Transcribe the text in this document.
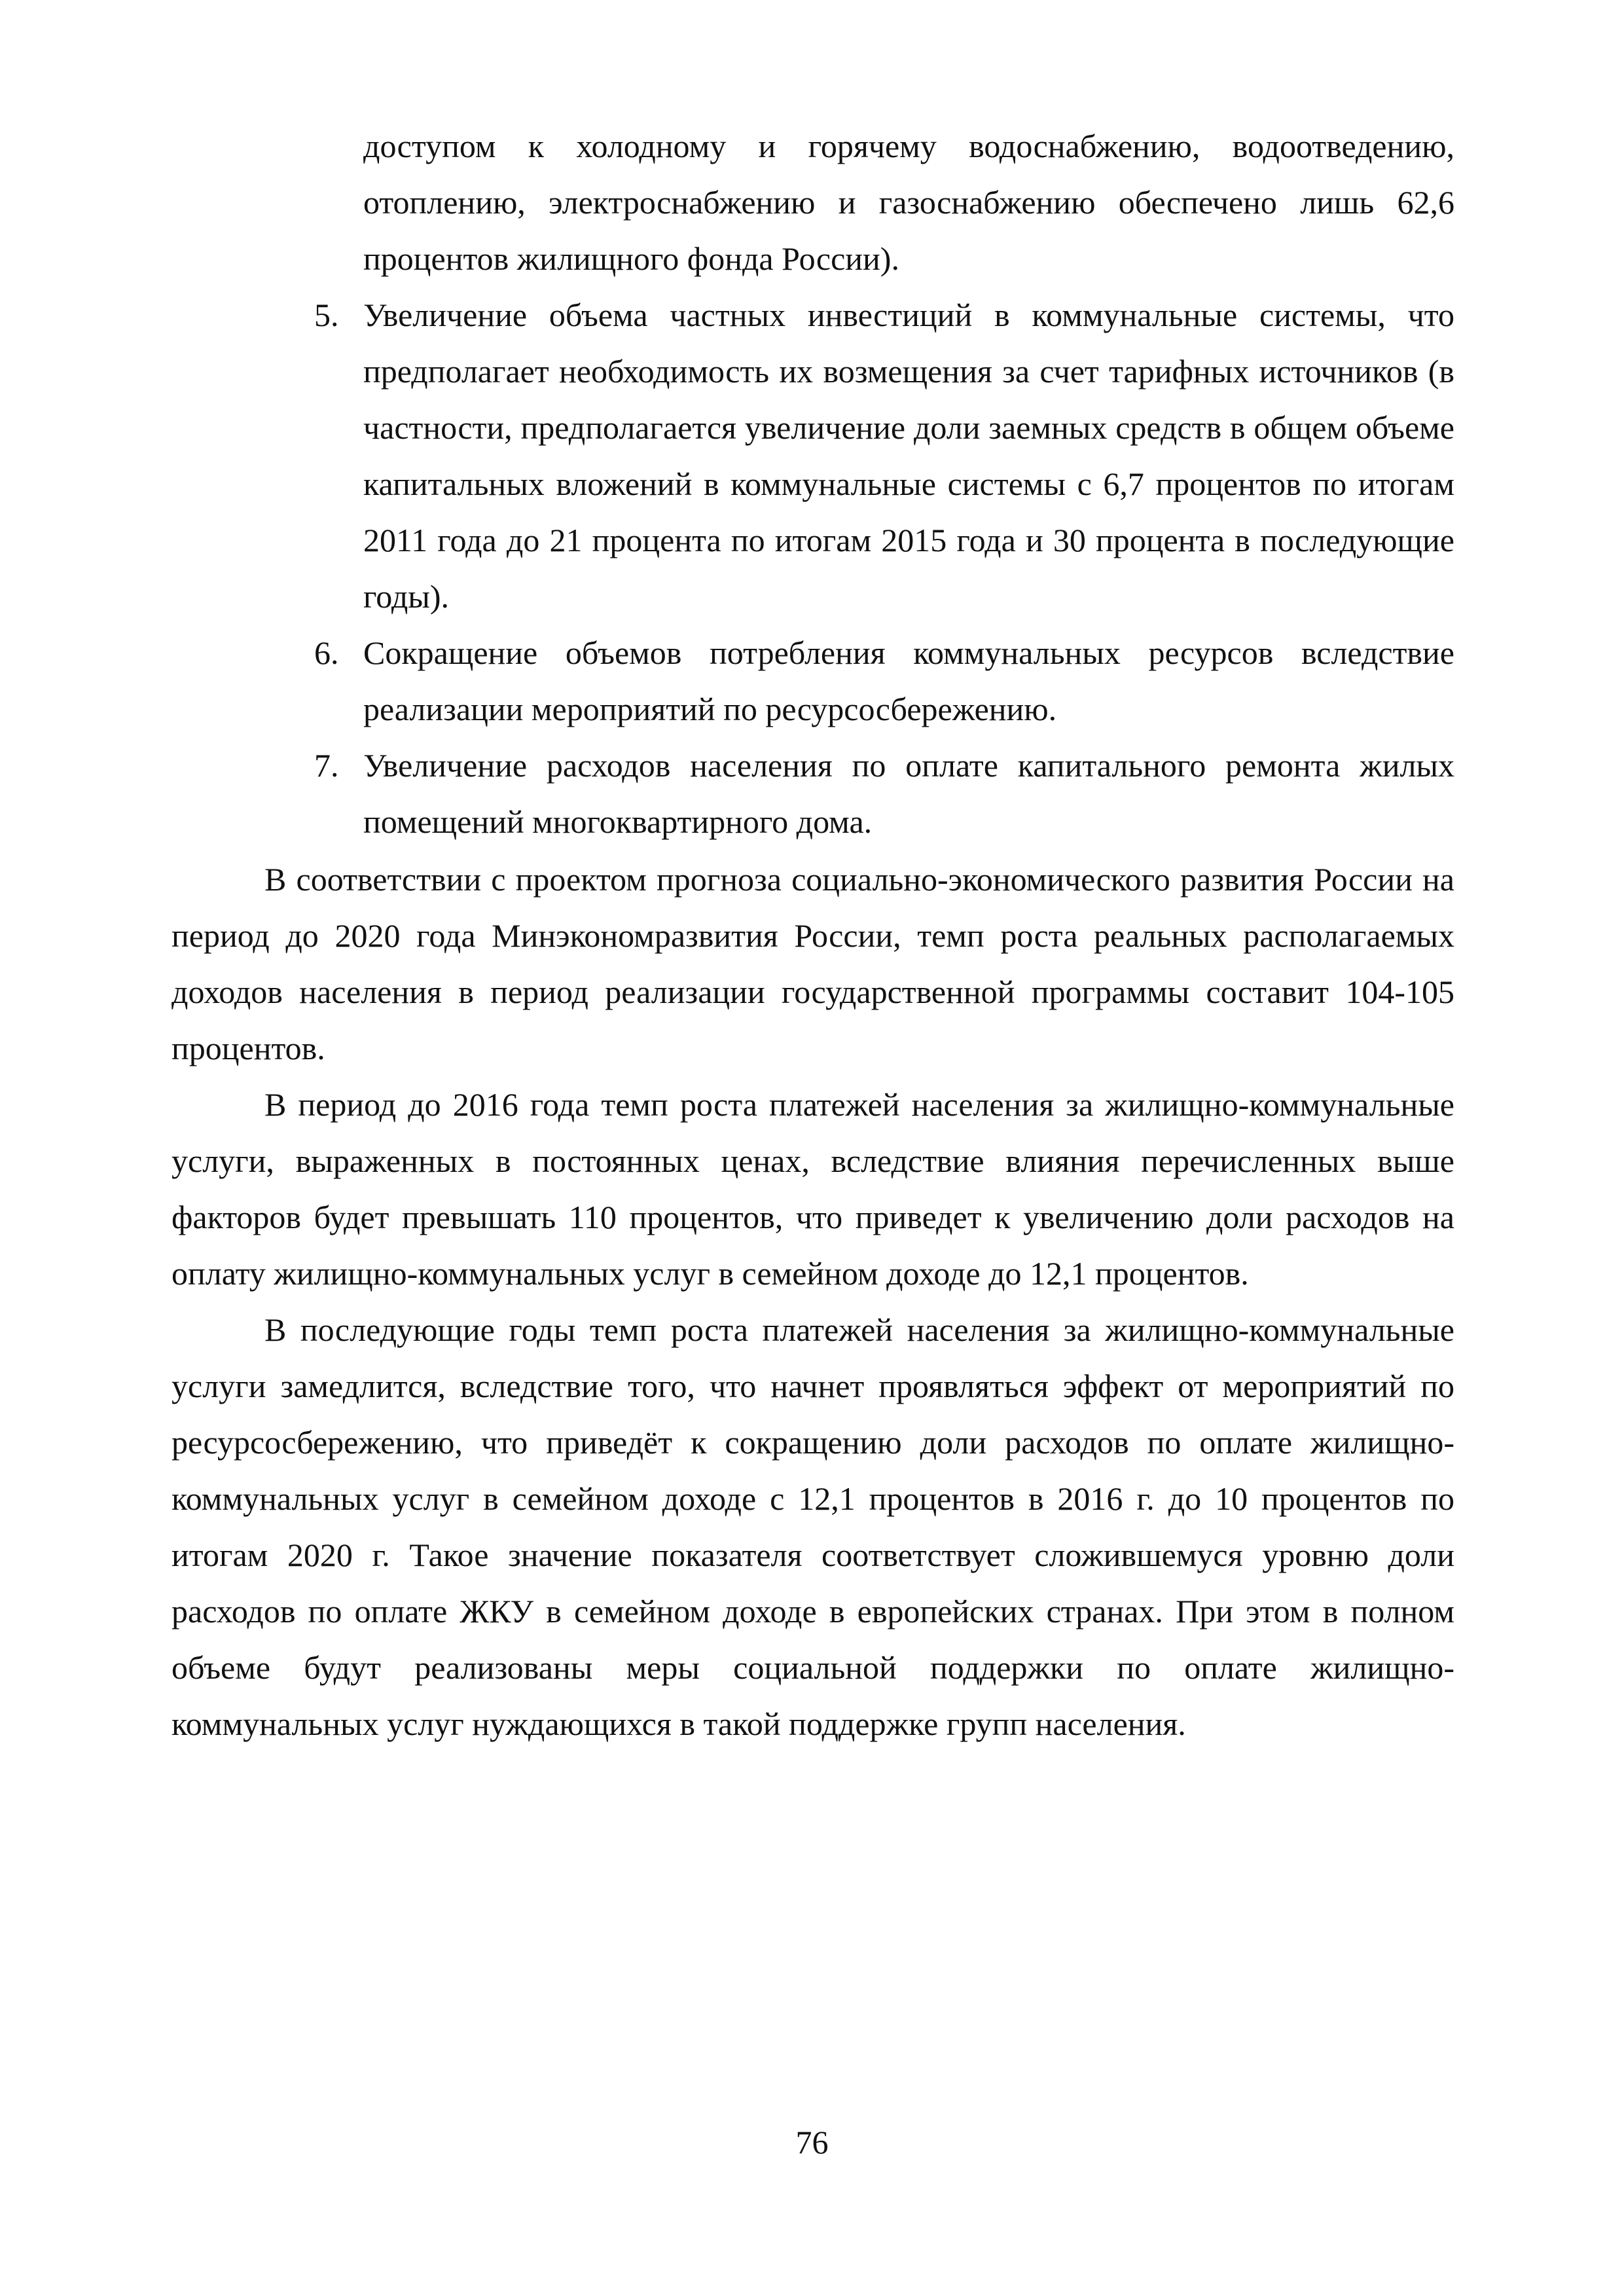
доступом к холодному и горячему водоснабжению, водоотведению, отоплению, электроснабжению и газоснабжению обеспечено лишь 62,6 процентов жилищного фонда России).

5. Увеличение объема частных инвестиций в коммунальные системы, что предполагает необходимость их возмещения за счет тарифных источников (в частности, предполагается увеличение доли заемных средств в общем объеме капитальных вложений в коммунальные системы с 6,7 процентов по итогам 2011 года до 21 процента по итогам 2015 года и 30 процента в последующие годы).

6. Сокращение объемов потребления коммунальных ресурсов вследствие реализации мероприятий по ресурсосбережению.

7. Увеличение расходов населения по оплате капитального ремонта жилых помещений многоквартирного дома.

В соответствии с проектом прогноза социально-экономического развития России на период до 2020 года Минэкономразвития России, темп роста реальных располагаемых доходов населения в период реализации государственной программы составит 104-105 процентов.

В период до 2016 года темп роста платежей населения за жилищно-коммунальные услуги, выраженных в постоянных ценах, вследствие влияния перечисленных выше факторов будет превышать 110 процентов, что приведет к увеличению доли расходов на оплату жилищно-коммунальных услуг в семейном доходе до 12,1 процентов.

В последующие годы темп роста платежей населения за жилищно-коммунальные услуги замедлится, вследствие того, что начнет проявляться эффект от мероприятий по ресурсосбережению, что приведёт к сокращению доли расходов по оплате жилищно-коммунальных услуг в семейном доходе с 12,1 процентов в 2016 г. до 10 процентов по итогам 2020 г. Такое значение показателя соответствует сложившемуся уровню доли расходов по оплате ЖКУ в семейном доходе в европейских странах. При этом в полном объеме будут реализованы меры социальной поддержки по оплате жилищно-коммунальных услуг нуждающихся в такой поддержке групп населения.

76
